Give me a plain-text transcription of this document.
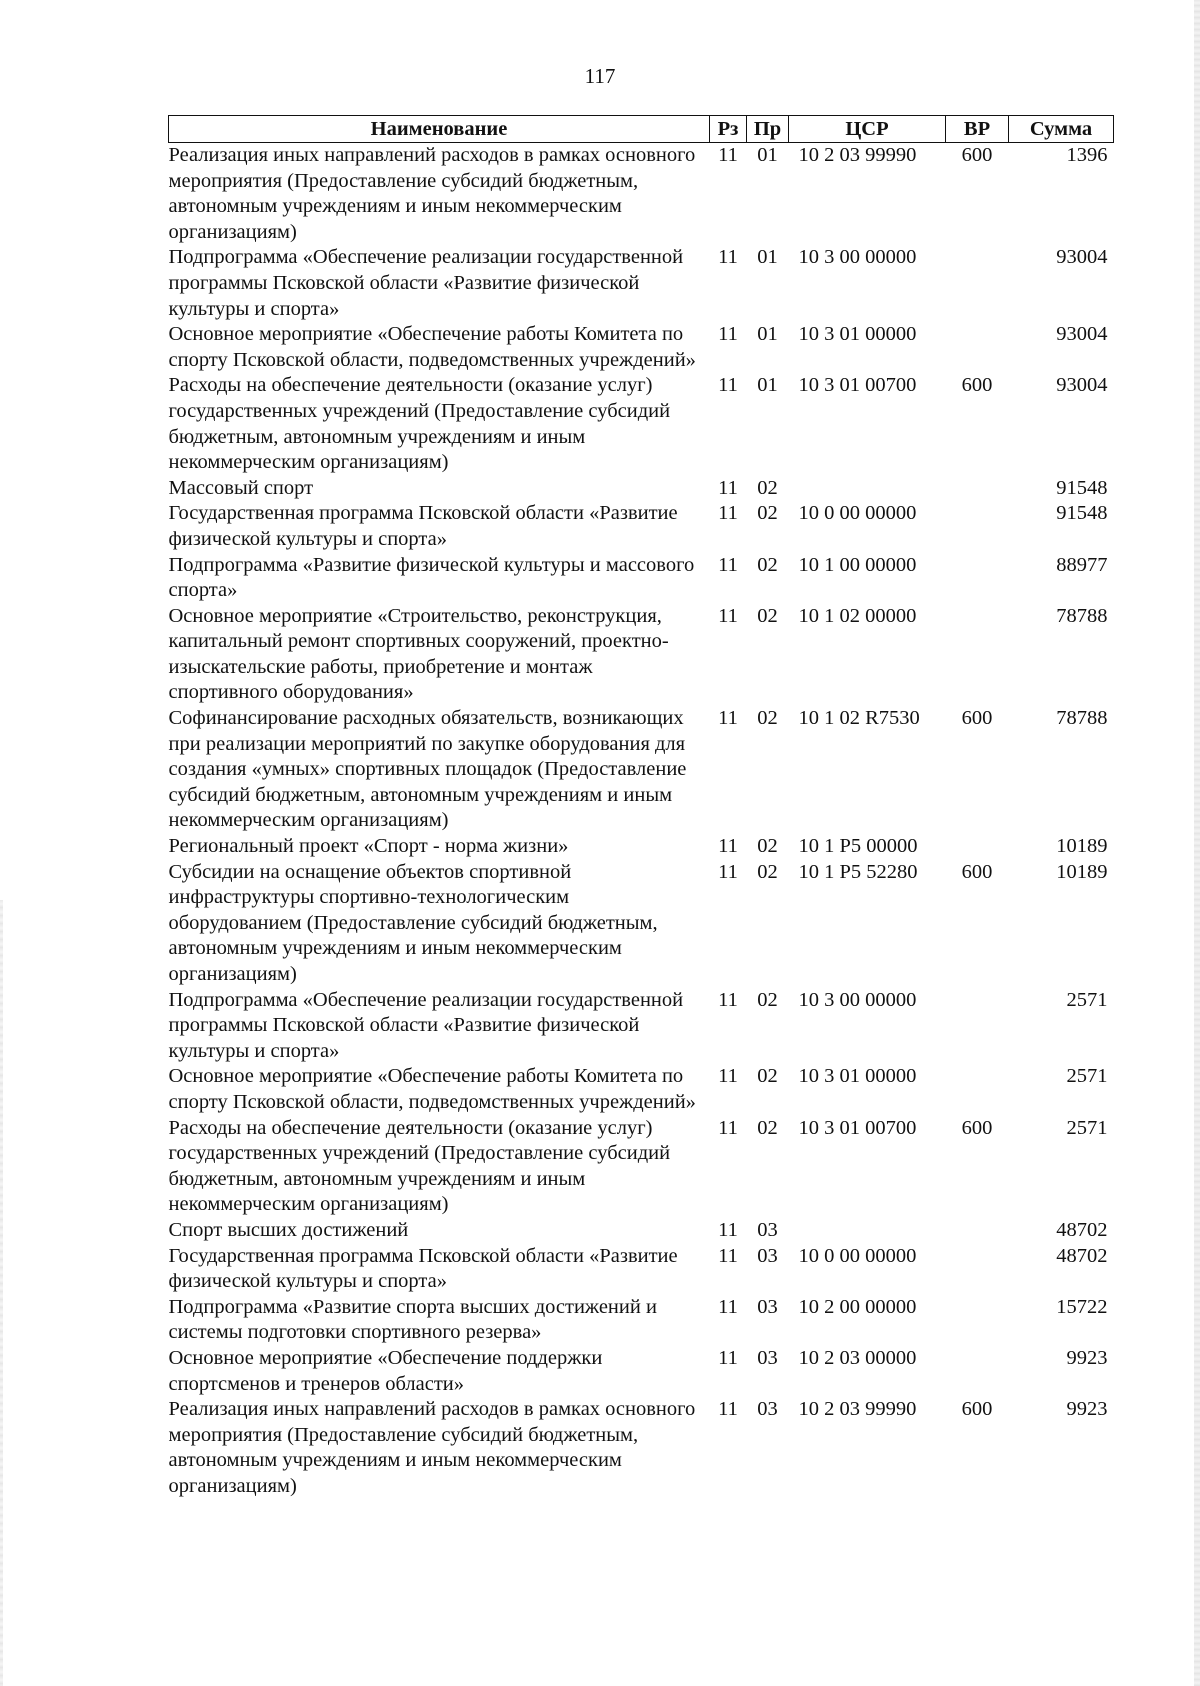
117
Наименование	Рз	Пр	ЦСР	ВР	Сумма
Реализация иных направлений расходов в рамках основного мероприятия (Предоставление субсидий бюджетным, автономным учреждениям и иным некоммерческим организациям)	11	01	10 2 03 99990	600	1396
Подпрограмма «Обеспечение реализации государственной программы Псковской области «Развитие физической культуры и спорта»	11	01	10 3 00 00000		93004
Основное мероприятие «Обеспечение работы Комитета по спорту Псковской области, подведомственных учреждений»	11	01	10 3 01 00000		93004
Расходы на обеспечение деятельности (оказание услуг) государственных учреждений (Предоставление субсидий бюджетным, автономным учреждениям и иным некоммерческим организациям)	11	01	10 3 01 00700	600	93004
Массовый спорт	11	02			91548
Государственная программа Псковской области «Развитие физической культуры и спорта»	11	02	10 0 00 00000		91548
Подпрограмма «Развитие физической культуры и массового спорта»	11	02	10 1 00 00000		88977
Основное мероприятие «Строительство, реконструкция, капитальный ремонт спортивных сооружений, проектно-изыскательские работы, приобретение и монтаж спортивного оборудования»	11	02	10 1 02 00000		78788
Софинансирование расходных обязательств, возникающих при реализации мероприятий по закупке оборудования для создания «умных» спортивных площадок (Предоставление субсидий бюджетным, автономным учреждениям и иным некоммерческим организациям)	11	02	10 1 02 R7530	600	78788
Региональный проект «Спорт - норма жизни»	11	02	10 1 P5 00000		10189
Субсидии на оснащение объектов спортивной инфраструктуры спортивно-технологическим оборудованием (Предоставление субсидий бюджетным, автономным учреждениям и иным некоммерческим организациям)	11	02	10 1 P5 52280	600	10189
Подпрограмма «Обеспечение реализации государственной программы Псковской области «Развитие физической культуры и спорта»	11	02	10 3 00 00000		2571
Основное мероприятие «Обеспечение работы Комитета по спорту Псковской области, подведомственных учреждений»	11	02	10 3 01 00000		2571
Расходы на обеспечение деятельности (оказание услуг) государственных учреждений (Предоставление субсидий бюджетным, автономным учреждениям и иным некоммерческим организациям)	11	02	10 3 01 00700	600	2571
Спорт высших достижений	11	03			48702
Государственная программа Псковской области «Развитие физической культуры и спорта»	11	03	10 0 00 00000		48702
Подпрограмма «Развитие спорта высших достижений и системы подготовки спортивного резерва»	11	03	10 2 00 00000		15722
Основное мероприятие «Обеспечение поддержки спортсменов и тренеров области»	11	03	10 2 03 00000		9923
Реализация иных направлений расходов в рамках основного мероприятия (Предоставление субсидий бюджетным, автономным учреждениям и иным некоммерческим организациям)	11	03	10 2 03 99990	600	9923
